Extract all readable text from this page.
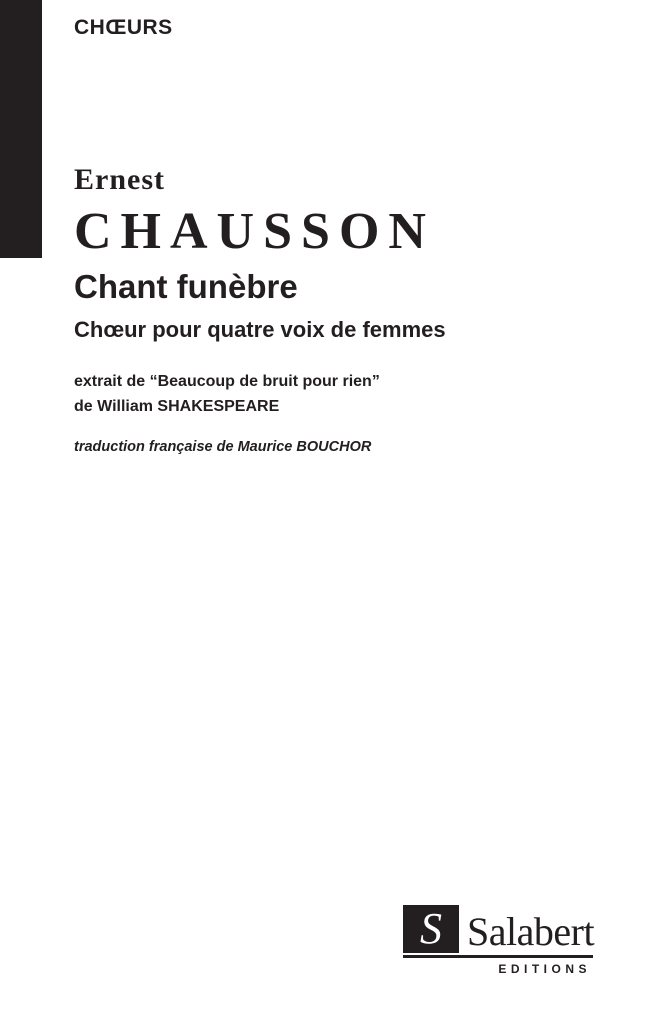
CHŒURS
Ernest
CHAUSSON
Chant funèbre
Chœur pour quatre voix de femmes
extrait de “Beaucoup de bruit pour rien”
de William SHAKESPEARE
traduction française de Maurice BOUCHOR
S Salabert
EDITIONS
